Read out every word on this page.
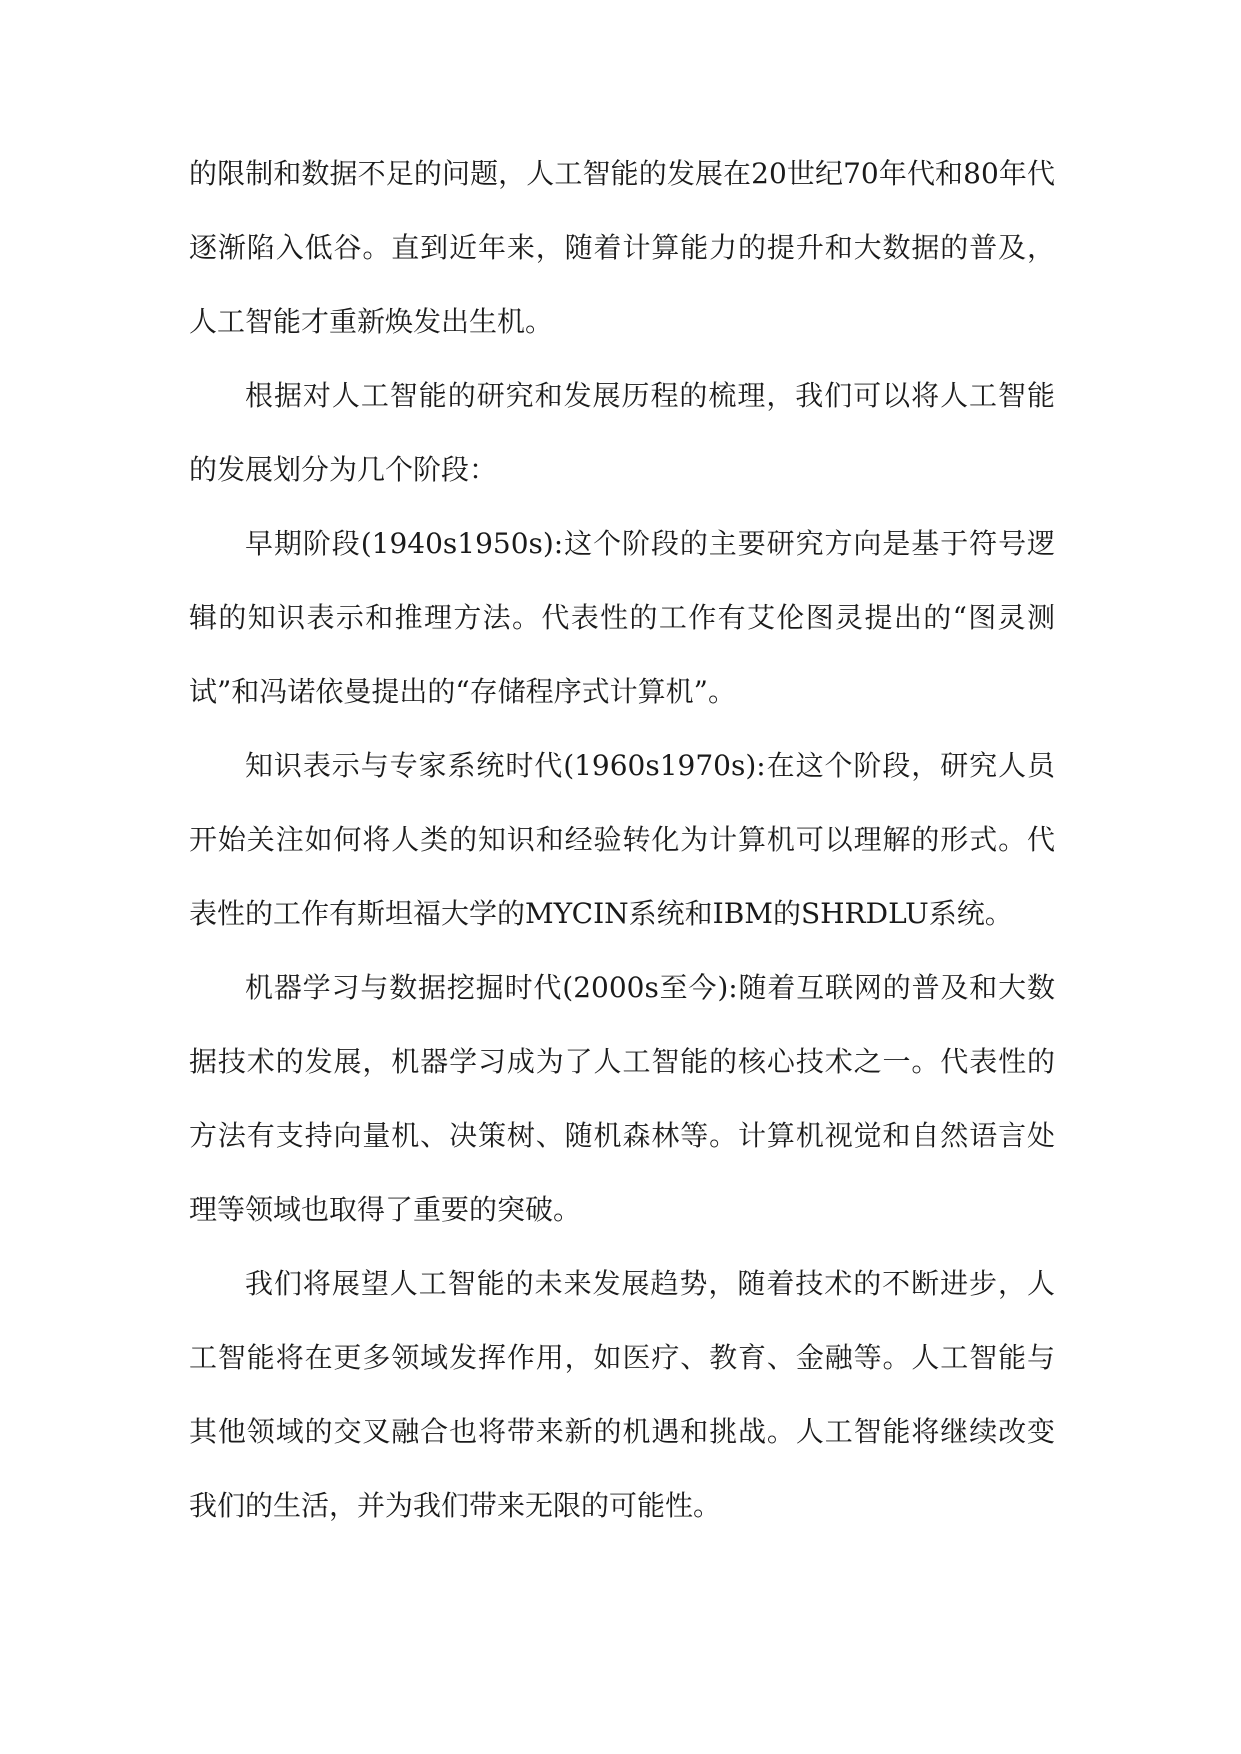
的限制和数据不足的问题，人工智能的发展在20世纪70年代和80年代逐渐陷入低谷。直到近年来，随着计算能力的提升和大数据的普及，人工智能才重新焕发出生机。

根据对人工智能的研究和发展历程的梳理，我们可以将人工智能的发展划分为几个阶段：

早期阶段(1940s1950s):这个阶段的主要研究方向是基于符号逻辑的知识表示和推理方法。代表性的工作有艾伦图灵提出的“图灵测试”和冯诺依曼提出的“存储程序式计算机”。

知识表示与专家系统时代(1960s1970s):在这个阶段，研究人员开始关注如何将人类的知识和经验转化为计算机可以理解的形式。代表性的工作有斯坦福大学的MYCIN系统和IBM的SHRDLU系统。

机器学习与数据挖掘时代(2000s至今):随着互联网的普及和大数据技术的发展，机器学习成为了人工智能的核心技术之一。代表性的方法有支持向量机、决策树、随机森林等。计算机视觉和自然语言处理等领域也取得了重要的突破。

我们将展望人工智能的未来发展趋势，随着技术的不断进步，人工智能将在更多领域发挥作用，如医疗、教育、金融等。人工智能与其他领域的交叉融合也将带来新的机遇和挑战。人工智能将继续改变我们的生活，并为我们带来无限的可能性。
